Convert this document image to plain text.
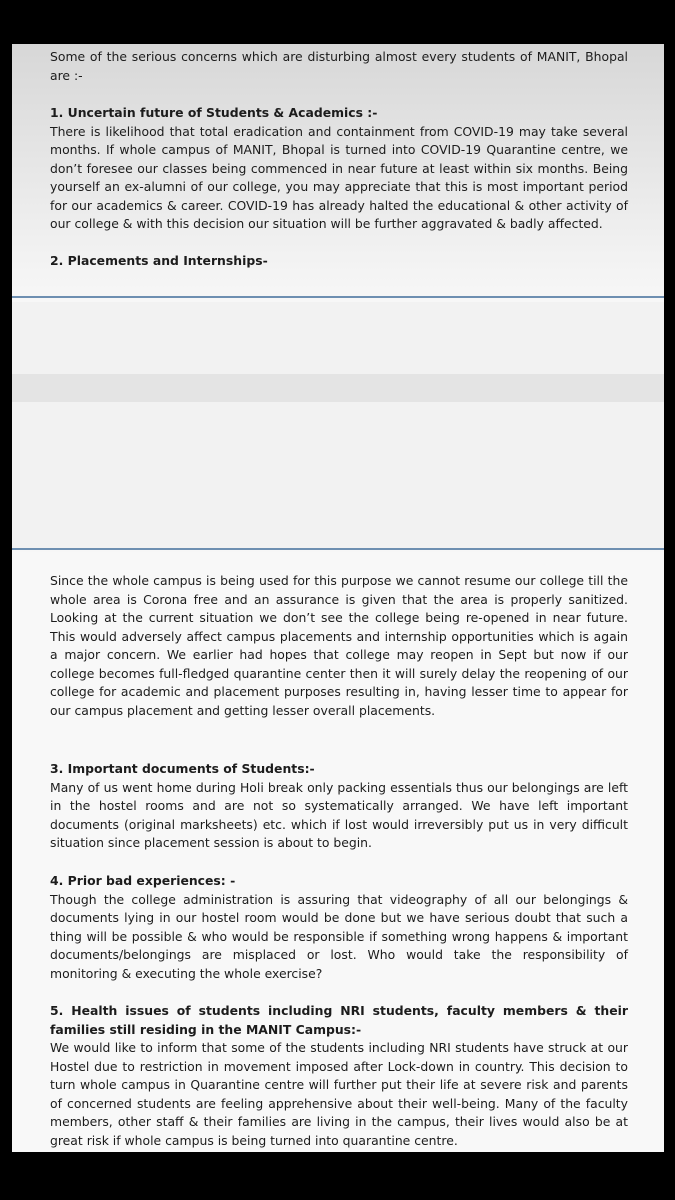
Some of the serious concerns which are disturbing almost every students of MANIT, Bhopal are :-

1. Uncertain future of Students & Academics :-

There is likelihood that total eradication and containment from COVID-19 may take several months. If whole campus of MANIT, Bhopal is turned into COVID-19 Quarantine centre, we don’t foresee our classes being commenced in near future at least within six months. Being yourself an ex-alumni of our college, you may appreciate that this is most important period for our academics & career. COVID-19 has already halted the educational & other activity of our college & with this decision our situation will be further aggravated & badly affected.

2. Placements and Internships-

Since the whole campus is being used for this purpose we cannot resume our college till the whole area is Corona free and an assurance is given that the area is properly sanitized. Looking at the current situation we don’t see the college being re-opened in near future. This would adversely affect campus placements and internship opportunities which is again a major concern. We earlier had hopes that college may reopen in Sept but now if our college becomes full-fledged quarantine center then it will surely delay the reopening of our college for academic and placement purposes resulting in, having lesser time to appear for our campus placement and getting lesser overall placements.

3. Important documents of Students:-

Many of us went home during Holi break only packing essentials thus our belongings are left in the hostel rooms and are not so systematically arranged. We have left important documents (original marksheets) etc. which if lost would irreversibly put us in very difficult situation since placement session is about to begin.

4. Prior bad experiences: -

Though the college administration is assuring that videography of all our belongings & documents lying in our hostel room would be done but we have serious doubt that such a thing will be possible & who would be responsible if something wrong happens & important documents/belongings are misplaced or lost. Who would take the responsibility of monitoring & executing the whole exercise?

5. Health issues of students including NRI students, faculty members & their families still residing in the MANIT Campus:-

We would like to inform that some of the students including NRI students have struck at our Hostel due to restriction in movement imposed after Lock-down in country. This decision to turn whole campus in Quarantine centre will further put their life at severe risk and parents of concerned students are feeling apprehensive about their well-being. Many of the faculty members, other staff & their families are living in the campus, their lives would also be at great risk if whole campus is being turned into quarantine centre.
